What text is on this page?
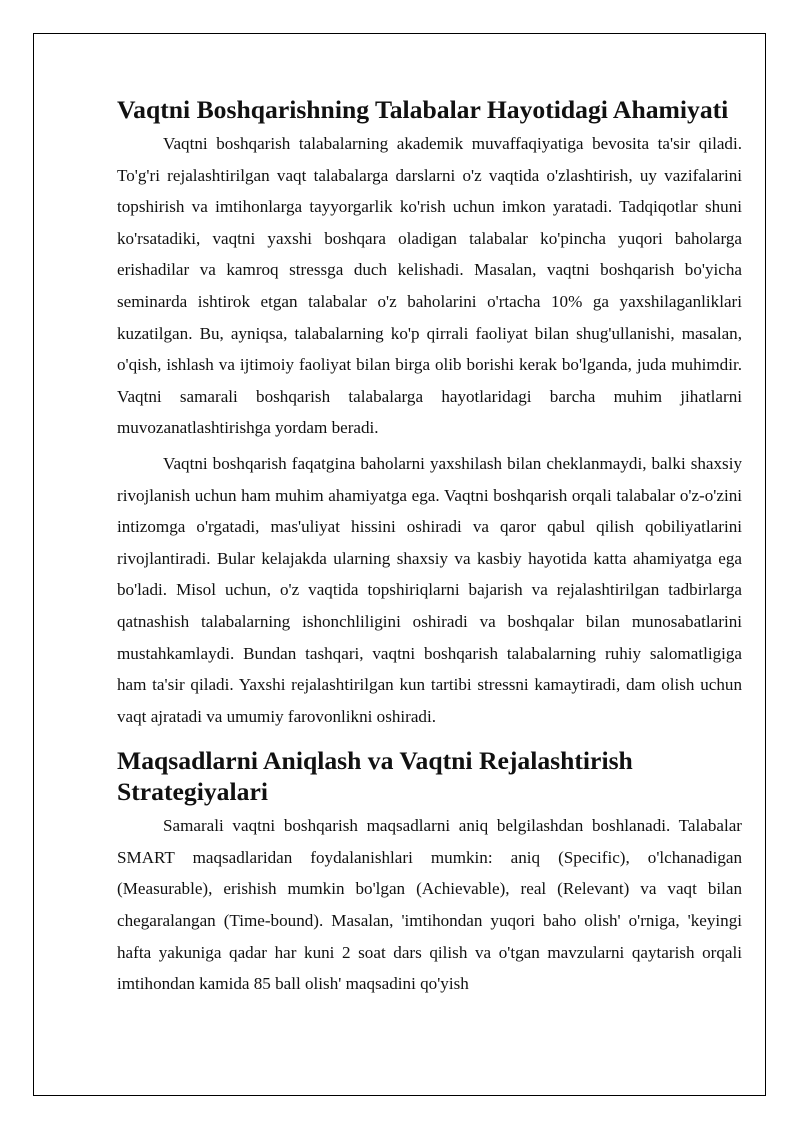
Vaqtni Boshqarishning Talabalar Hayotidagi Ahamiyati

Vaqtni boshqarish talabalarning akademik muvaffaqiyatiga bevosita ta'sir qiladi. To'g'ri rejalashtirilgan vaqt talabalarga darslarni o'z vaqtida o'zlashtirish, uy vazifalarini topshirish va imtihonlarga tayyorgarlik ko'rish uchun imkon yaratadi. Tadqiqotlar shuni ko'rsatadiki, vaqtni yaxshi boshqara oladigan talabalar ko'pincha yuqori baholarga erishadilar va kamroq stressga duch kelishadi. Masalan, vaqtni boshqarish bo'yicha seminarda ishtirok etgan talabalar o'z baholarini o'rtacha 10% ga yaxshilaganliklari kuzatilgan. Bu, ayniqsa, talabalarning ko'p qirrali faoliyat bilan shug'ullanishi, masalan, o'qish, ishlash va ijtimoiy faoliyat bilan birga olib borishi kerak bo'lganda, juda muhimdir. Vaqtni samarali boshqarish talabalarga hayotlaridagi barcha muhim jihatlarni muvozanatlashtirishga yordam beradi.

Vaqtni boshqarish faqatgina baholarni yaxshilash bilan cheklanmaydi, balki shaxsiy rivojlanish uchun ham muhim ahamiyatga ega. Vaqtni boshqarish orqali talabalar o'z-o'zini intizomga o'rgatadi, mas'uliyat hissini oshiradi va qaror qabul qilish qobiliyatlarini rivojlantiradi. Bular kelajakda ularning shaxsiy va kasbiy hayotida katta ahamiyatga ega bo'ladi. Misol uchun, o'z vaqtida topshiriqlarni bajarish va rejalashtirilgan tadbirlarga qatnashish talabalarning ishonchliligini oshiradi va boshqalar bilan munosabatlarini mustahkamlaydi. Bundan tashqari, vaqtni boshqarish talabalarning ruhiy salomatligiga ham ta'sir qiladi. Yaxshi rejalashtirilgan kun tartibi stressni kamaytiradi, dam olish uchun vaqt ajratadi va umumiy farovonlikni oshiradi.

Maqsadlarni Aniqlash va Vaqtni Rejalashtirish Strategiyalari

Samarali vaqtni boshqarish maqsadlarni aniq belgilashdan boshlanadi. Talabalar SMART maqsadlaridan foydalanishlari mumkin: aniq (Specific), o'lchanadigan (Measurable), erishish mumkin bo'lgan (Achievable), real (Relevant) va vaqt bilan chegaralangan (Time-bound). Masalan, 'imtihondan yuqori baho olish' o'rniga, 'keyingi hafta yakuniga qadar har kuni 2 soat dars qilish va o'tgan mavzularni qaytarish orqali imtihondan kamida 85 ball olish' maqsadini qo'yish
